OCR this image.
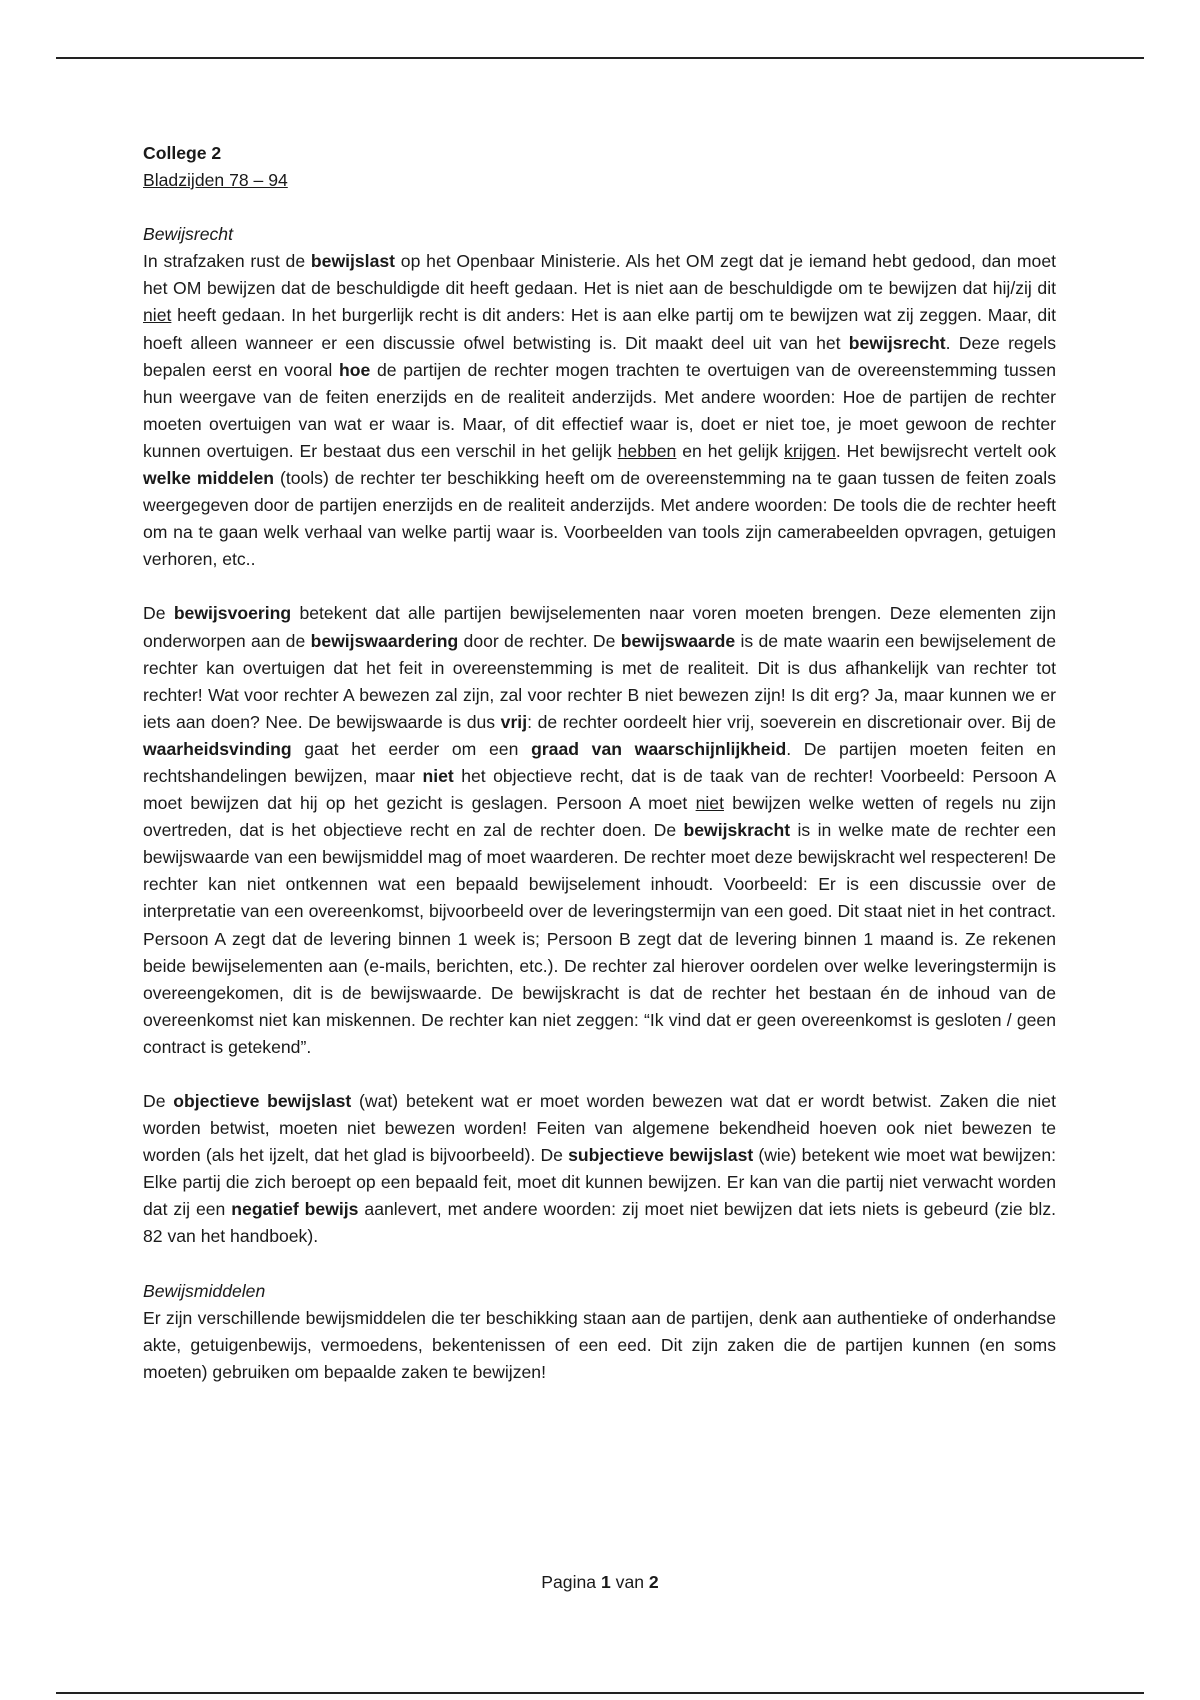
College 2

Bladzijden 78 – 94

Bewijsrecht

In strafzaken rust de bewijslast op het Openbaar Ministerie. Als het OM zegt dat je iemand hebt gedood, dan moet het OM bewijzen dat de beschuldigde dit heeft gedaan. Het is niet aan de beschuldigde om te bewijzen dat hij/zij dit niet heeft gedaan. In het burgerlijk recht is dit anders: Het is aan elke partij om te bewijzen wat zij zeggen. Maar, dit hoeft alleen wanneer er een discussie ofwel betwisting is. Dit maakt deel uit van het bewijsrecht. Deze regels bepalen eerst en vooral hoe de partijen de rechter mogen trachten te overtuigen van de overeenstemming tussen hun weergave van de feiten enerzijds en de realiteit anderzijds. Met andere woorden: Hoe de partijen de rechter moeten overtuigen van wat er waar is. Maar, of dit effectief waar is, doet er niet toe, je moet gewoon de rechter kunnen overtuigen. Er bestaat dus een verschil in het gelijk hebben en het gelijk krijgen. Het bewijsrecht vertelt ook welke middelen (tools) de rechter ter beschikking heeft om de overeenstemming na te gaan tussen de feiten zoals weergegeven door de partijen enerzijds en de realiteit anderzijds. Met andere woorden: De tools die de rechter heeft om na te gaan welk verhaal van welke partij waar is. Voorbeelden van tools zijn camerabeelden opvragen, getuigen verhoren, etc..

De bewijsvoering betekent dat alle partijen bewijselementen naar voren moeten brengen. Deze elementen zijn onderworpen aan de bewijswaardering door de rechter. De bewijswaarde is de mate waarin een bewijselement de rechter kan overtuigen dat het feit in overeenstemming is met de realiteit. Dit is dus afhankelijk van rechter tot rechter! Wat voor rechter A bewezen zal zijn, zal voor rechter B niet bewezen zijn! Is dit erg? Ja, maar kunnen we er iets aan doen? Nee. De bewijswaarde is dus vrij: de rechter oordeelt hier vrij, soeverein en discretionair over. Bij de waarheidsvinding gaat het eerder om een graad van waarschijnlijkheid. De partijen moeten feiten en rechtshandelingen bewijzen, maar niet het objectieve recht, dat is de taak van de rechter! Voorbeeld: Persoon A moet bewijzen dat hij op het gezicht is geslagen. Persoon A moet niet bewijzen welke wetten of regels nu zijn overtreden, dat is het objectieve recht en zal de rechter doen. De bewijskracht is in welke mate de rechter een bewijswaarde van een bewijsmiddel mag of moet waarderen. De rechter moet deze bewijskracht wel respecteren! De rechter kan niet ontkennen wat een bepaald bewijselement inhoudt. Voorbeeld: Er is een discussie over de interpretatie van een overeenkomst, bijvoorbeeld over de leveringstermijn van een goed. Dit staat niet in het contract. Persoon A zegt dat de levering binnen 1 week is; Persoon B zegt dat de levering binnen 1 maand is. Ze rekenen beide bewijselementen aan (e-mails, berichten, etc.). De rechter zal hierover oordelen over welke leveringstermijn is overeengekomen, dit is de bewijswaarde. De bewijskracht is dat de rechter het bestaan én de inhoud van de overeenkomst niet kan miskennen. De rechter kan niet zeggen: “Ik vind dat er geen overeenkomst is gesloten / geen contract is getekend”.

De objectieve bewijslast (wat) betekent wat er moet worden bewezen wat dat er wordt betwist. Zaken die niet worden betwist, moeten niet bewezen worden! Feiten van algemene bekendheid hoeven ook niet bewezen te worden (als het ijzelt, dat het glad is bijvoorbeeld). De subjectieve bewijslast (wie) betekent wie moet wat bewijzen: Elke partij die zich beroept op een bepaald feit, moet dit kunnen bewijzen. Er kan van die partij niet verwacht worden dat zij een negatief bewijs aanlevert, met andere woorden: zij moet niet bewijzen dat iets niets is gebeurd (zie blz. 82 van het handboek).

Bewijsmiddelen

Er zijn verschillende bewijsmiddelen die ter beschikking staan aan de partijen, denk aan authentieke of onderhandse akte, getuigenbewijs, vermoedens, bekentenissen of een eed. Dit zijn zaken die de partijen kunnen (en soms moeten) gebruiken om bepaalde zaken te bewijzen!

Pagina 1 van 2
